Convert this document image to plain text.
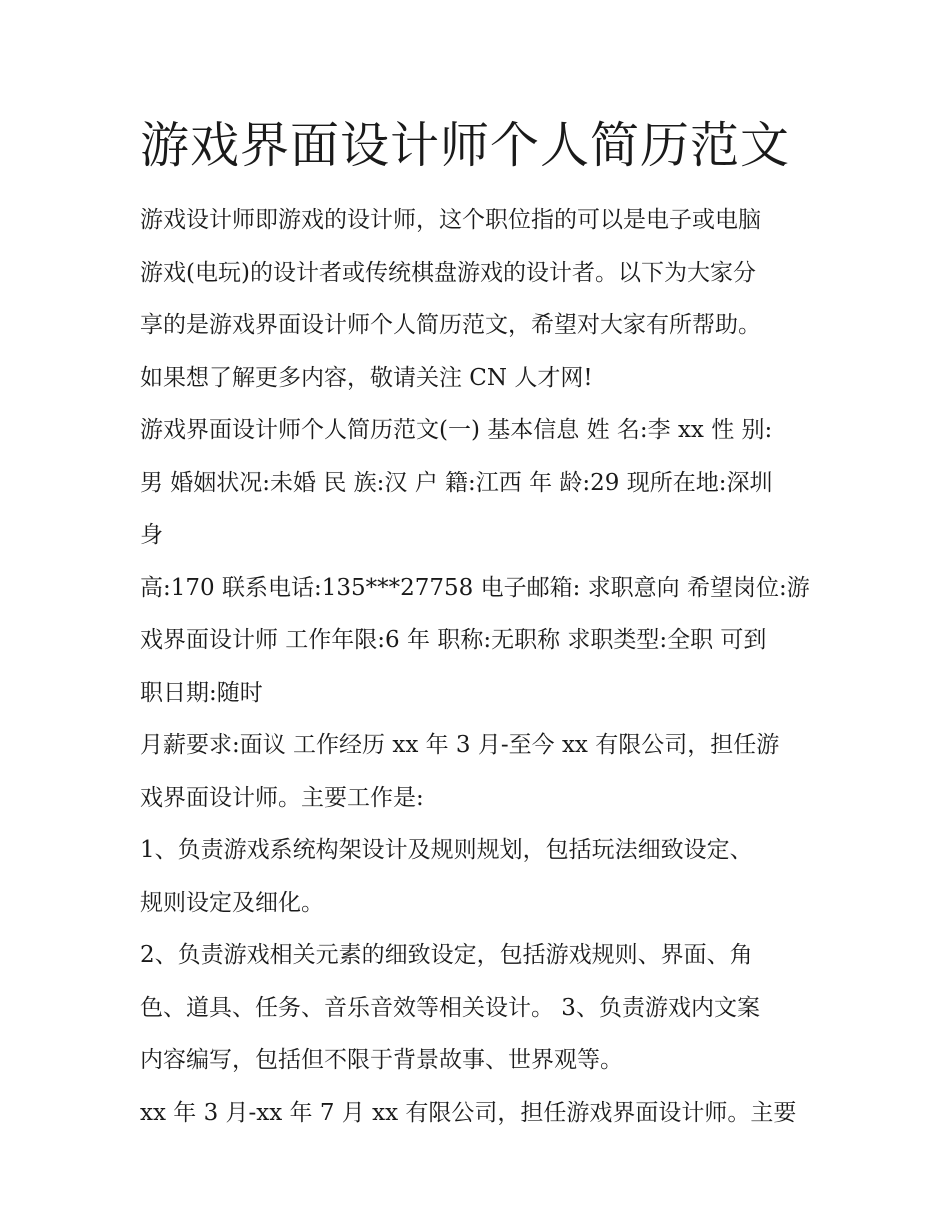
游戏界面设计师个人简历范文
游戏设计师即游戏的设计师，这个职位指的可以是电子或电脑
游戏(电玩)的设计者或传统棋盘游戏的设计者。以下为大家分
享的是游戏界面设计师个人简历范文，希望对大家有所帮助。
如果想了解更多内容，敬请关注 CN 人才网!
游戏界面设计师个人简历范文(一) 基本信息 姓 名:李 xx 性 别:
男 婚姻状况:未婚 民 族:汉 户 籍:江西 年 龄:29 现所在地:深圳
身
高:170 联系电话:135***27758 电子邮箱: 求职意向 希望岗位:游
戏界面设计师 工作年限:6 年 职称:无职称 求职类型:全职 可到
职日期:随时
月薪要求:面议 工作经历 xx 年 3 月-至今 xx 有限公司，担任游
戏界面设计师。主要工作是:
1、负责游戏系统构架设计及规则规划，包括玩法细致设定、
规则设定及细化。
2、负责游戏相关元素的细致设定，包括游戏规则、界面、角
色、道具、任务、音乐音效等相关设计。 3、负责游戏内文案
内容编写，包括但不限于背景故事、世界观等。
xx 年 3 月-xx 年 7 月 xx 有限公司，担任游戏界面设计师。主要
